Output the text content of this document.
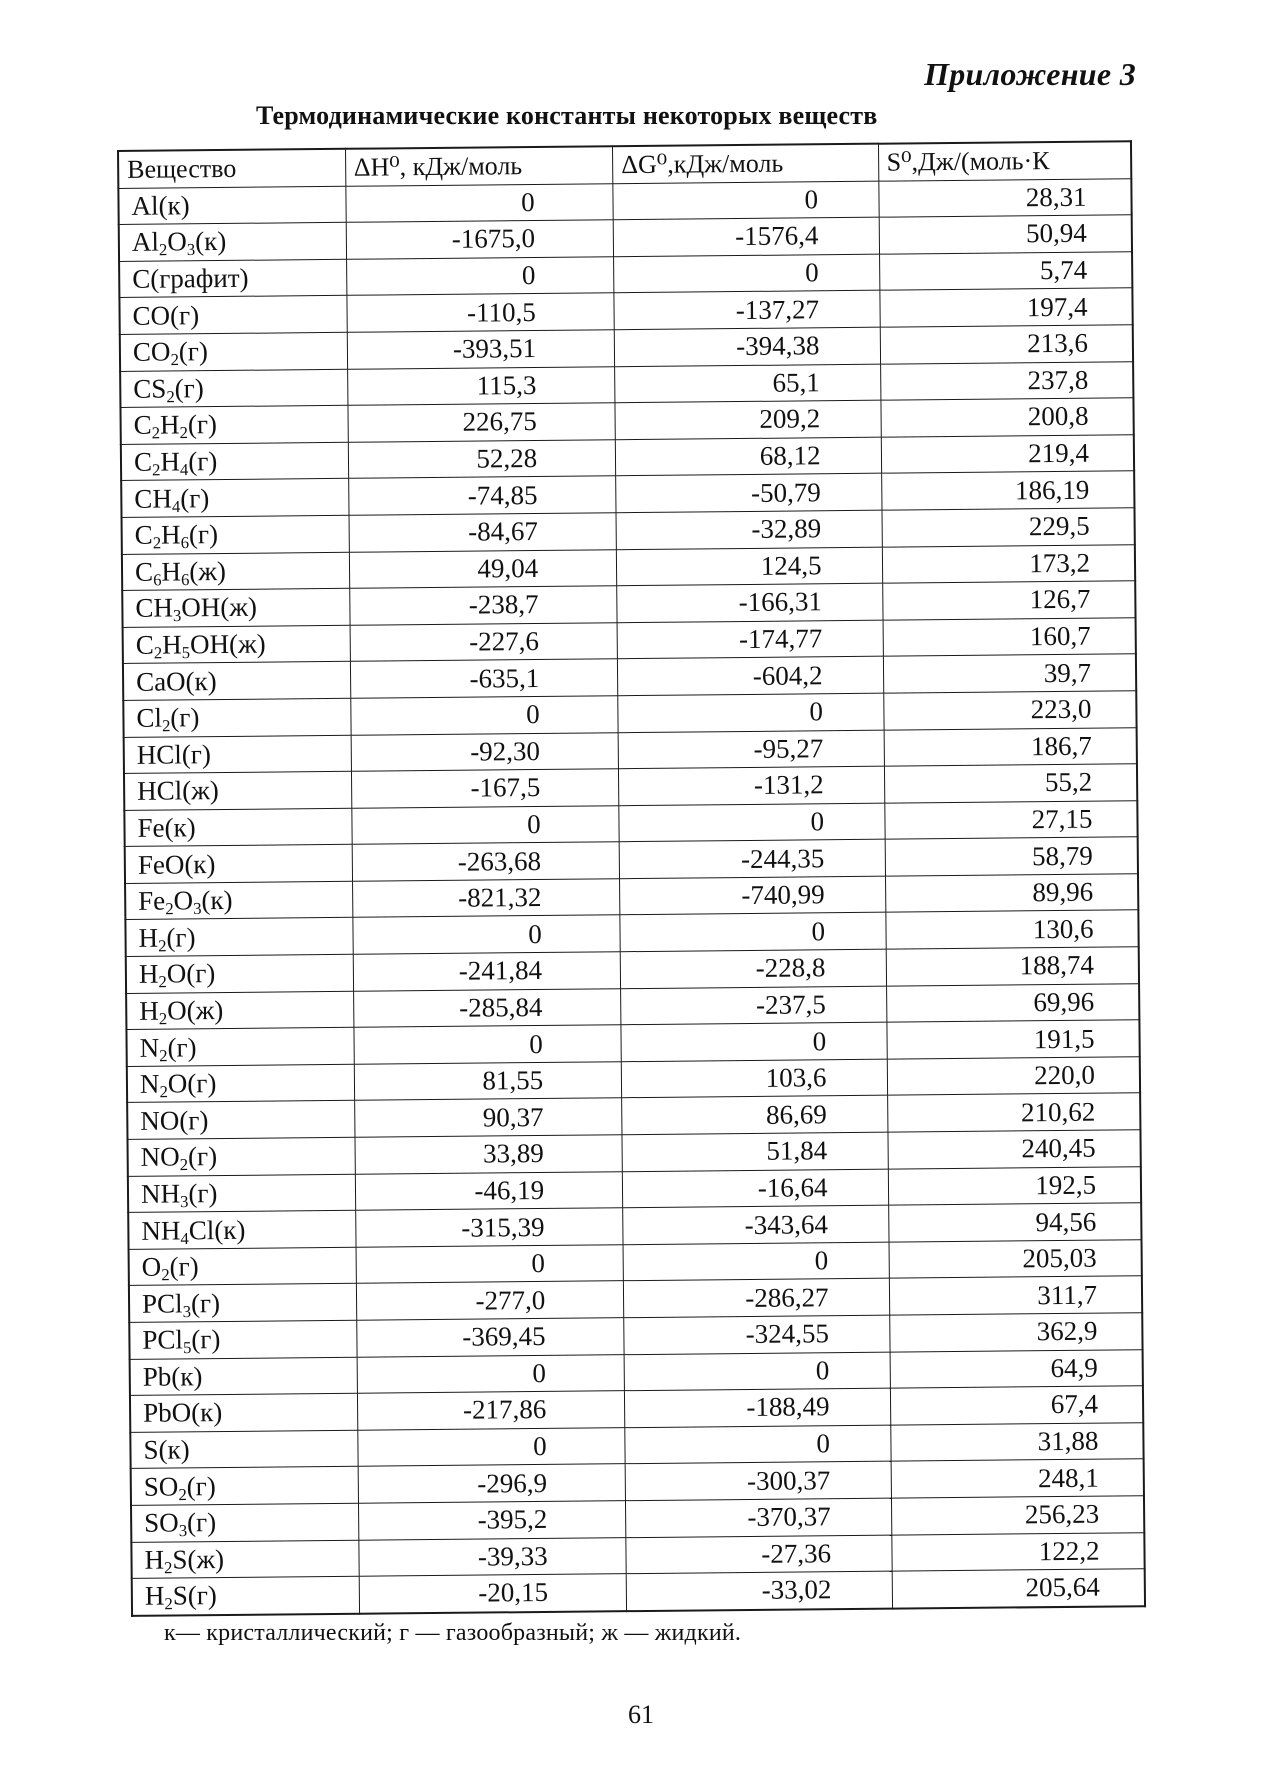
Приложение 3
Термодинамические константы некоторых веществ
Вещество	ΔH⁰, кДж/моль	ΔG⁰,кДж/моль	S⁰,Дж/(моль·К
Al(к)	0	0	28,31
$Al_2O_3(к)$	-1675,0	-1576,4	50,94
C(графит)	0	0	5,74
CO(г)	-110,5	-137,27	197,4
$CO_2(г)$	-393,51	-394,38	213,6
$CS_2(г)$	115,3	65,1	237,8
$C_2H_2(г)$	226,75	209,2	200,8
$C_2H_4(г)$	52,28	68,12	219,4
$CH_4(г)$	-74,85	-50,79	186,19
$C_2H_6(г)$	-84,67	-32,89	229,5
$C_6H_6(ж)$	49,04	124,5	173,2
$CH_3OH(ж)$	-238,7	-166,31	126,7
$C_2H_5OH(ж)$	-227,6	-174,77	160,7
CaO(к)	-635,1	-604,2	39,7
$Cl_2(г)$	0	0	223,0
HCl(г)	-92,30	-95,27	186,7
HCl(ж)	-167,5	-131,2	55,2
Fe(к)	0	0	27,15
FeO(к)	-263,68	-244,35	58,79
$Fe_2O_3(к)$	-821,32	-740,99	89,96
$H_2(г)$	0	0	130,6
$H_2O(г)$	-241,84	-228,8	188,74
$H_2O(ж)$	-285,84	-237,5	69,96
$N_2(г)$	0	0	191,5
$N_2O(г)$	81,55	103,6	220,0
NO(г)	90,37	86,69	210,62
$NO_2(г)$	33,89	51,84	240,45
$NH_3(г)$	-46,19	-16,64	192,5
$NH_4Cl(к)$	-315,39	-343,64	94,56
$O_2(г)$	0	0	205,03
PCl$_3$(г)	-277,0	-286,27	311,7
PCl$_5$(г)	-369,45	-324,55	362,9
Pb(к)	0	0	64,9
PbO(к)	-217,86	-188,49	67,4
S(к)	0	0	31,88
$SO_2(г)$	-296,9	-300,37	248,1
$SO_3(г)$	-395,2	-370,37	256,23
$H_2S(ж)$	-39,33	-27,36	122,2
$H_2S(г)$	-20,15	-33,02	205,64
к— кристаллический; г — газообразный; ж — жидкий.
61
